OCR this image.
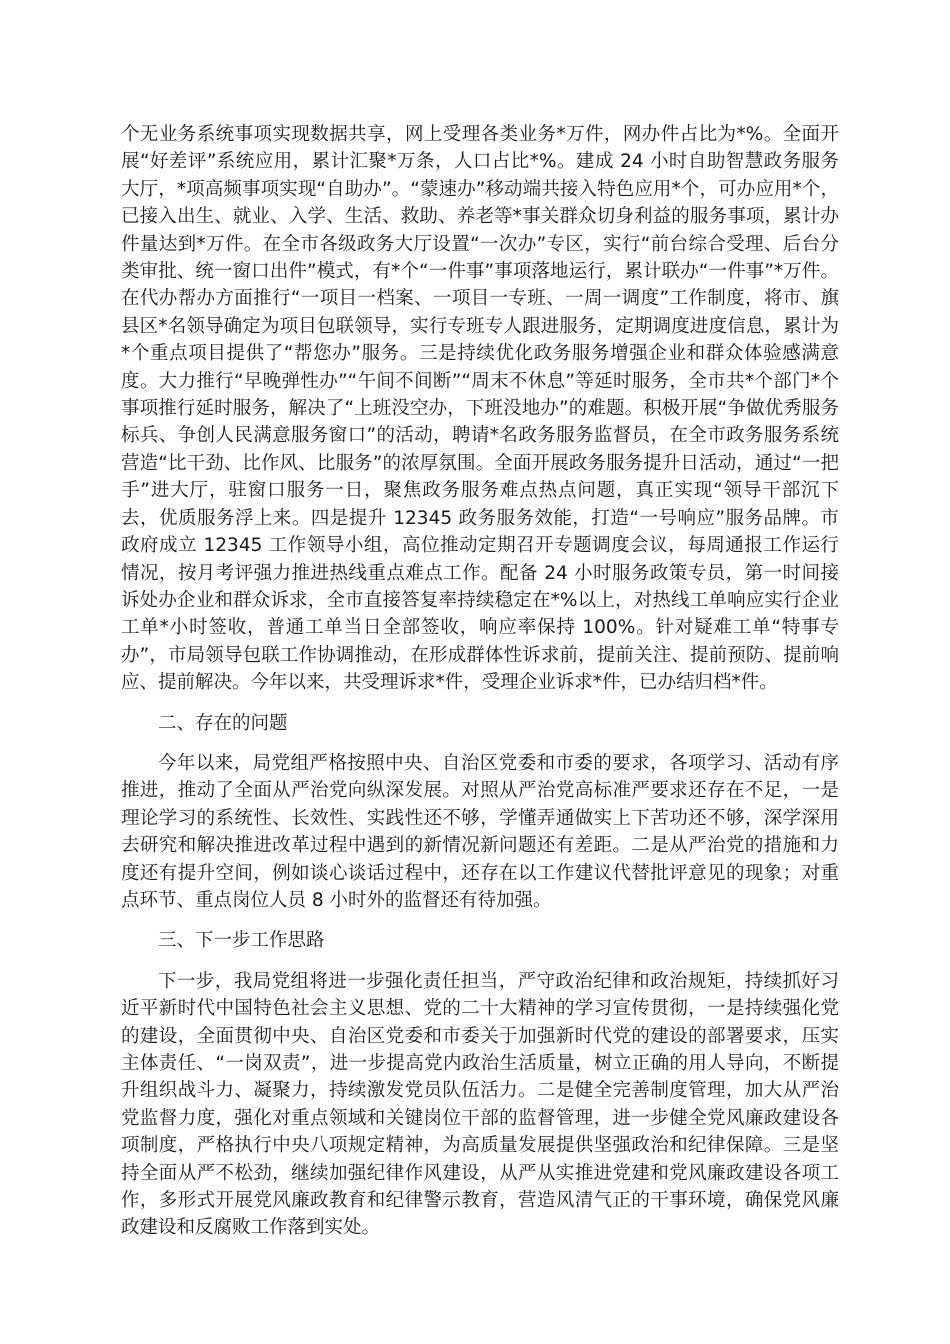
个无业务系统事项实现数据共享，网上受理各类业务*万件，网办件占比为*%。全面开展“好差评”系统应用，累计汇聚*万条，人口占比*%。建成 24 小时自助智慧政务服务大厅，*项高频事项实现“自助办”。“蒙速办”移动端共接入特色应用*个，可办应用*个，已接入出生、就业、入学、生活、救助、养老等*事关群众切身利益的服务事项，累计办件量达到*万件。在全市各级政务大厅设置“一次办”专区，实行“前台综合受理、后台分类审批、统一窗口出件”模式，有*个“一件事”事项落地运行，累计联办“一件事”*万件。在代办帮办方面推行“一项目一档案、一项目一专班、一周一调度”工作制度，将市、旗县区*名领导确定为项目包联领导，实行专班专人跟进服务，定期调度进度信息，累计为*个重点项目提供了“帮您办”服务。三是持续优化政务服务增强企业和群众体验感满意度。大力推行“早晚弹性办”“午间不间断”“周末不休息”等延时服务，全市共*个部门*个事项推行延时服务，解决了“上班没空办，下班没地办”的难题。积极开展“争做优秀服务标兵、争创人民满意服务窗口”的活动，聘请*名政务服务监督员，在全市政务服务系统营造“比干劲、比作风、比服务”的浓厚氛围。全面开展政务服务提升日活动，通过“一把手”进大厅，驻窗口服务一日，聚焦政务服务难点热点问题，真正实现“领导干部沉下去，优质服务浮上来。四是提升 12345 政务服务效能，打造“一号响应”服务品牌。市政府成立 12345 工作领导小组，高位推动定期召开专题调度会议，每周通报工作运行情况，按月考评强力推进热线重点难点工作。配备 24 小时服务政策专员，第一时间接诉处办企业和群众诉求，全市直接答复率持续稳定在*%以上，对热线工单响应实行企业工单*小时签收，普通工单当日全部签收，响应率保持 100%。针对疑难工单“特事专办”，市局领导包联工作协调推动，在形成群体性诉求前，提前关注、提前预防、提前响应、提前解决。今年以来，共受理诉求*件，受理企业诉求*件，已办结归档*件。

二、存在的问题

今年以来，局党组严格按照中央、自治区党委和市委的要求，各项学习、活动有序推进，推动了全面从严治党向纵深发展。对照从严治党高标准严要求还存在不足，一是理论学习的系统性、长效性、实践性还不够，学懂弄通做实上下苦功还不够，深学深用去研究和解决推进改革过程中遇到的新情况新问题还有差距。二是从严治党的措施和力度还有提升空间，例如谈心谈话过程中，还存在以工作建议代替批评意见的现象；对重点环节、重点岗位人员 8 小时外的监督还有待加强。

三、下一步工作思路

下一步，我局党组将进一步强化责任担当，严守政治纪律和政治规矩，持续抓好习近平新时代中国特色社会主义思想、党的二十大精神的学习宣传贯彻，一是持续强化党的建设，全面贯彻中央、自治区党委和市委关于加强新时代党的建设的部署要求，压实主体责任、“一岗双责”，进一步提高党内政治生活质量，树立正确的用人导向，不断提升组织战斗力、凝聚力，持续激发党员队伍活力。二是健全完善制度管理，加大从严治党监督力度，强化对重点领域和关键岗位干部的监督管理，进一步健全党风廉政建设各项制度，严格执行中央八项规定精神，为高质量发展提供坚强政治和纪律保障。三是坚持全面从严不松劲，继续加强纪律作风建设，从严从实推进党建和党风廉政建设各项工作，多形式开展党风廉政教育和纪律警示教育，营造风清气正的干事环境，确保党风廉政建设和反腐败工作落到实处。
